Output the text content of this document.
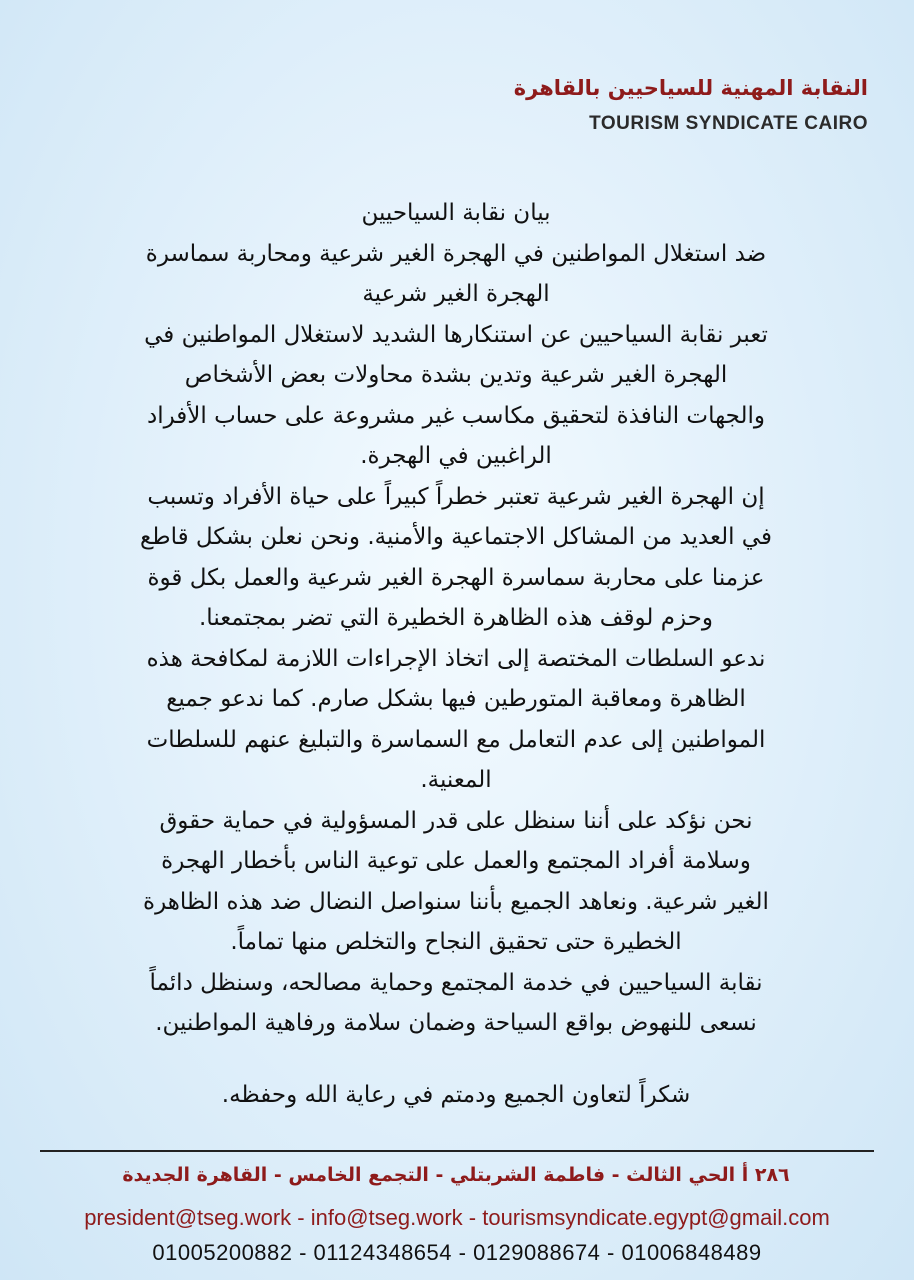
النقابة المهنية للسياحيين بالقاهرة
TOURISM SYNDICATE CAIRO

بيان نقابة السياحيين

ضد استغلال المواطنين في الهجرة الغير شرعية ومحاربة سماسرة

الهجرة الغير شرعية

تعبر نقابة السياحيين عن استنكارها الشديد لاستغلال المواطنين في

الهجرة الغير شرعية وتدين بشدة محاولات بعض الأشخاص

والجهات النافذة لتحقيق مكاسب غير مشروعة على حساب الأفراد

الراغبين في الهجرة.

إن الهجرة الغير شرعية تعتبر خطراً كبيراً على حياة الأفراد وتسبب

في العديد من المشاكل الاجتماعية والأمنية. ونحن نعلن بشكل قاطع

عزمنا على محاربة سماسرة الهجرة الغير شرعية والعمل بكل قوة

وحزم لوقف هذه الظاهرة الخطيرة التي تضر بمجتمعنا.

ندعو السلطات المختصة إلى اتخاذ الإجراءات اللازمة لمكافحة هذه

الظاهرة ومعاقبة المتورطين فيها بشكل صارم. كما ندعو جميع

المواطنين إلى عدم التعامل مع السماسرة والتبليغ عنهم للسلطات

المعنية.

نحن نؤكد على أننا سنظل على قدر المسؤولية في حماية حقوق

وسلامة أفراد المجتمع والعمل على توعية الناس بأخطار الهجرة

الغير شرعية. ونعاهد الجميع بأننا سنواصل النضال ضد هذه الظاهرة

الخطيرة حتى تحقيق النجاح والتخلص منها تماماً.

نقابة السياحيين في خدمة المجتمع وحماية مصالحه، وسنظل دائماً

نسعى للنهوض بواقع السياحة وضمان سلامة ورفاهية المواطنين.

شكراً لتعاون الجميع ودمتم في رعاية الله وحفظه.
٢٨٦ أ الحي الثالث - فاطمة الشربتلي - التجمع الخامس - القاهرة الجديدة
president@tseg.work - info@tseg.work - tourismsyndicate.egypt@gmail.com
01005200882 - 01124348654 - 0129088674 - 01006848489
